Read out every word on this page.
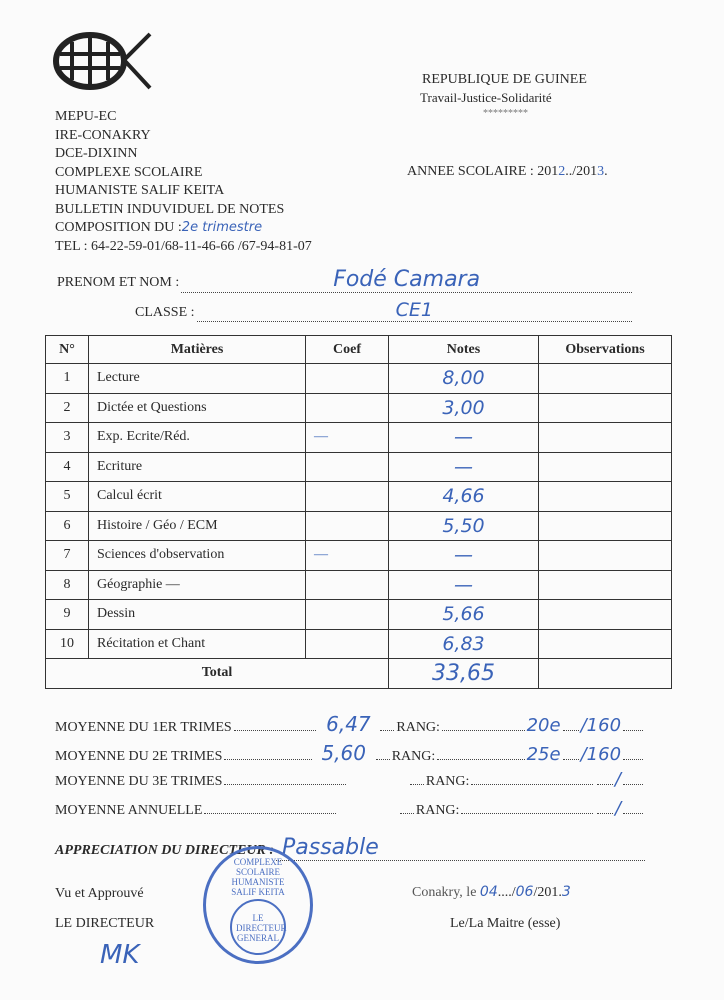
MEPU-EC
IRE-CONAKRY
DCE-DIXINN
COMPLEXE SCOLAIRE
HUMANISTE SALIF KEITA
BULLETIN INDUVIDUEL DE NOTES
COMPOSITION DU :2e trimestre
TEL : 64-22-59-01/68-11-46-66 /67-94-81-07
REPUBLIQUE DE GUINEE
Travail-Justice-Solidarité
*********
ANNEE SCOLAIRE : 2012../2013.
PRENOM ET NOM :	Fodé Camara
CLASSE :	CE1
N°	Matières	Coef	Notes	Observations
1	Lecture		8,00	
2	Dictée et Questions		3,00	
3	Exp. Ecrite/Réd.	—	—	
4	Ecriture		—	
5	Calcul écrit		4,66	
6	Histoire / Géo / ECM		5,50	
7	Sciences d'observation	—	—	
8	Géographie —		—	
9	Dessin		5,66	
10	Récitation et Chant		6,83	
Total			33,65	
MOYENNE DU 1ER TRIMES	6,47	RANG:	20e /160
MOYENNE DU 2E TRIMES	5,60	RANG:	25e /160
MOYENNE DU 3E TRIMES	RANG:	/
MOYENNE ANNUELLE	RANG:	/
APPRECIATION DU DIRECTEUR : Passable
Vu et Approuvé
LE DIRECTEUR
MK
COMPLEXE SCOLAIRE HUMANISTE SALIF KEITA
LE DIRECTEUR GENERAL
Conakry, le 04..../06/201.3
Le/La Maitre (esse)
